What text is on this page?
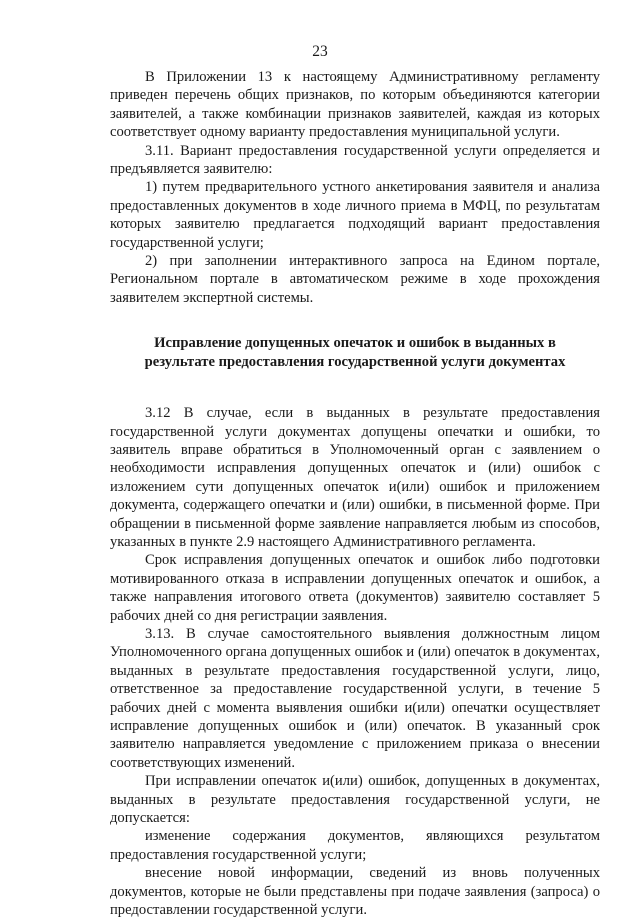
23

В Приложении 13 к настоящему Административному регламенту приведен перечень общих признаков, по которым объединяются категории заявителей, а также комбинации признаков заявителей, каждая из которых соответствует одному варианту предоставления муниципальной услуги.

3.11. Вариант предоставления государственной услуги определяется и предъявляется заявителю:

1) путем предварительного устного анкетирования заявителя и анализа предоставленных документов в ходе личного приема в МФЦ, по результатам которых заявителю предлагается подходящий вариант предоставления государственной услуги;

2) при заполнении интерактивного запроса на Едином портале, Региональном портале в автоматическом режиме в ходе прохождения заявителем экспертной системы.

Исправление допущенных опечаток и ошибок в выданных в результате предоставления государственной услуги документах

3.12 В случае, если в выданных в результате предоставления государственной услуги документах допущены опечатки и ошибки, то заявитель вправе обратиться в Уполномоченный орган с заявлением о необходимости исправления допущенных опечаток и (или) ошибок с изложением сути допущенных опечаток и(или) ошибок и приложением документа, содержащего опечатки и (или) ошибки, в письменной форме. При обращении в письменной форме заявление направляется любым из способов, указанных в пункте 2.9 настоящего Административного регламента.

Срок исправления допущенных опечаток и ошибок либо подготовки мотивированного отказа в исправлении допущенных опечаток и ошибок, а также направления итогового ответа (документов) заявителю составляет 5 рабочих дней со дня регистрации заявления.

3.13. В случае самостоятельного выявления должностным лицом Уполномоченного органа допущенных ошибок и (или) опечаток в документах, выданных в результате предоставления государственной услуги, лицо, ответственное за предоставление государственной услуги, в течение 5 рабочих дней с момента выявления ошибки и(или) опечатки осуществляет исправление допущенных ошибок и (или) опечаток. В указанный срок заявителю направляется уведомление с приложением приказа о внесении соответствующих изменений.

При исправлении опечаток и(или) ошибок, допущенных в документах, выданных в результате предоставления государственной услуги, не допускается:

изменение содержания документов, являющихся результатом
предоставления государственной услуги;

внесение новой информации, сведений из вновь полученных документов, которые не были представлены при подаче заявления (запроса) о предоставлении государственной услуги.
